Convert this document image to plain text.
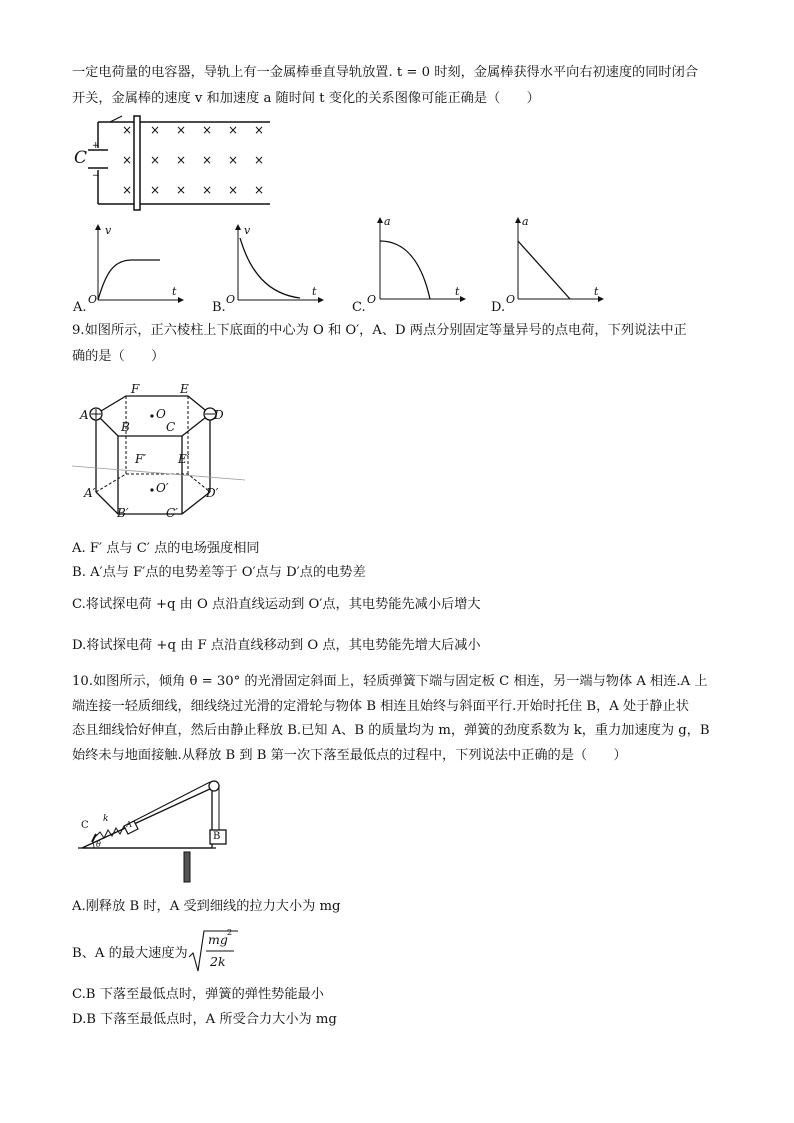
一定电荷量的电容器，导轨上有一金属棒垂直导轨放置. t = 0 时刻，金属棒获得水平向右初速度的同时闭合
开关，金属棒的速度 v 和加速度 a 随时间 t 变化的关系图像可能正确是（　　）
+
−
×
×
×
× × × × ×
× × × × ×
× × × × ×
C
v
t
O
A.
v
t
O
B.
a
t
O
C.
a
t
O
D.
9.如图所示，正六棱柱上下底面的中心为 O 和 O′，A、D 两点分别固定等量异号的点电荷，下列说法中正
确的是（　　）
A
F	E
D
B	C
O
A′
F′	E′
D′
B′	C′
O′
A. F′ 点与 C′ 点的电场强度相同
B. A′点与 F′点的电势差等于 O′点与 D′点的电势差
C.将试探电荷 +q 由 O 点沿直线运动到 O′点，其电势能先减小后增大
D.将试探电荷 +q 由 F 点沿直线移动到 O 点，其电势能先增大后减小
10.如图所示，倾角 θ = 30° 的光滑固定斜面上，轻质弹簧下端与固定板 C 相连，另一端与物体 A 相连.A 上
端连接一轻质细线，细线绕过光滑的定滑轮与物体 B 相连且始终与斜面平行.开始时托住 B，A 处于静止状
态且细线恰好伸直，然后由静止释放 B.已知 A、B 的质量均为 m，弹簧的劲度系数为 k，重力加速度为 g，B
始终未与地面接触.从释放 B 到 B 第一次下落至最低点的过程中，下列说法中正确的是（　　）
C
k
A
B
θ
A.刚释放 B 时，A 受到细线的拉力大小为 mg
B、A 的最大速度为
mg 2
2k
C.B 下落至最低点时，弹簧的弹性势能最小
D.B 下落至最低点时，A 所受合力大小为 mg
